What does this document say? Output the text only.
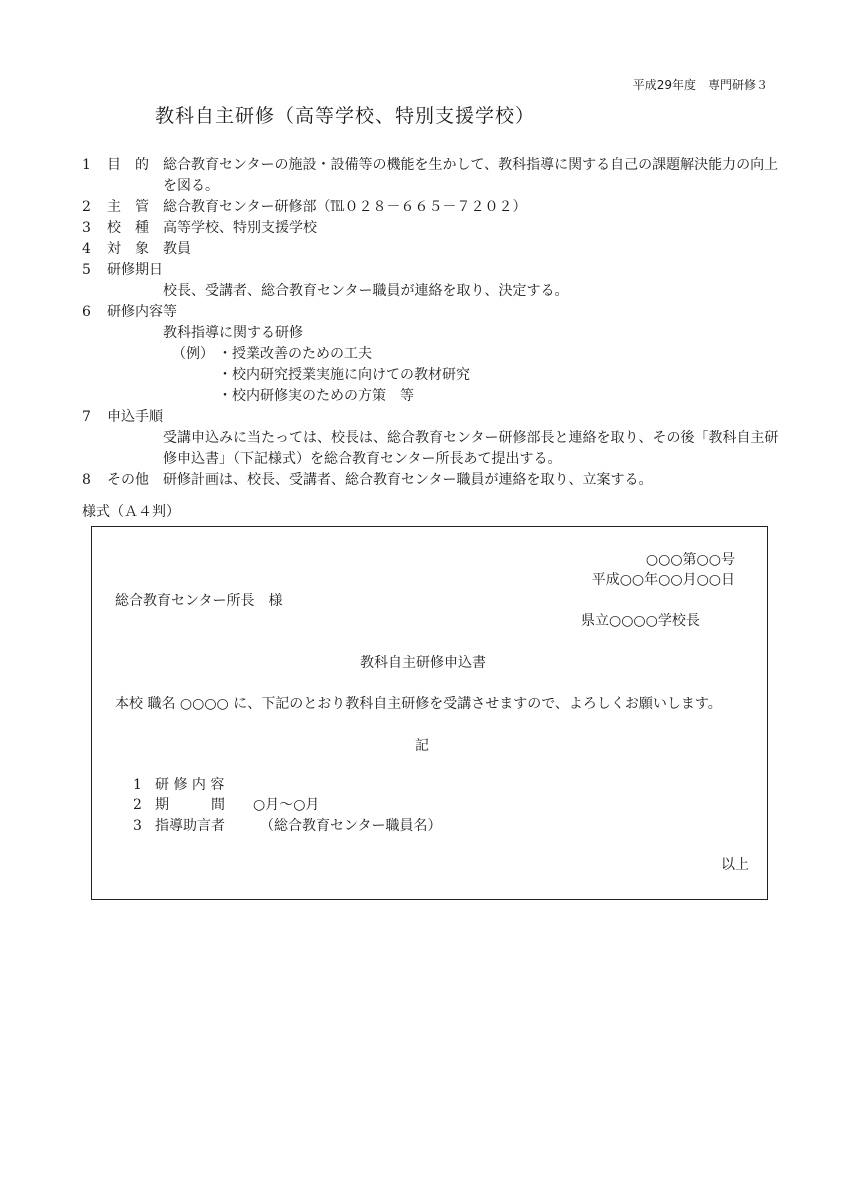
平成29年度　専門研修３
教科自主研修（高等学校、特別支援学校）
1 目　的 総合教育センターの施設・設備等の機能を生かして、教科指導に関する自己の課題解決能力の向上
を図る。
2 主　管 総合教育センター研修部（℡０２８－６６５－７２０２）
3 校　種 高等学校、特別支援学校
4 対　象 教員
5 研修期日
校長、受講者、総合教育センター職員が連絡を取り、決定する。
6 研修内容等
教科指導に関する研修
（例） ・授業改善のための工夫
・校内研究授業実施に向けての教材研究
・校内研修実のための方策　等
7 申込手順
受講申込みに当たっては、校長は、総合教育センター研修部長と連絡を取り、その後「教科自主研
修申込書」（下記様式）を総合教育センター所長あて提出する。
8 その他 研修計画は、校長、受講者、総合教育センター職員が連絡を取り、立案する。
様式（Ａ４判）
○○○第○○号
平成○○年○○月○○日
総合教育センター所長　様
県立○○○○学校長
教科自主研修申込書
本校 職名 ○○○○ に、下記のとおり教科自主研修を受講させますので、よろしくお願いします。
記
1 研 修 内 容
2 期　　　間 ○月～○月
3 指導助言者	（総合教育センター職員名）
以上
